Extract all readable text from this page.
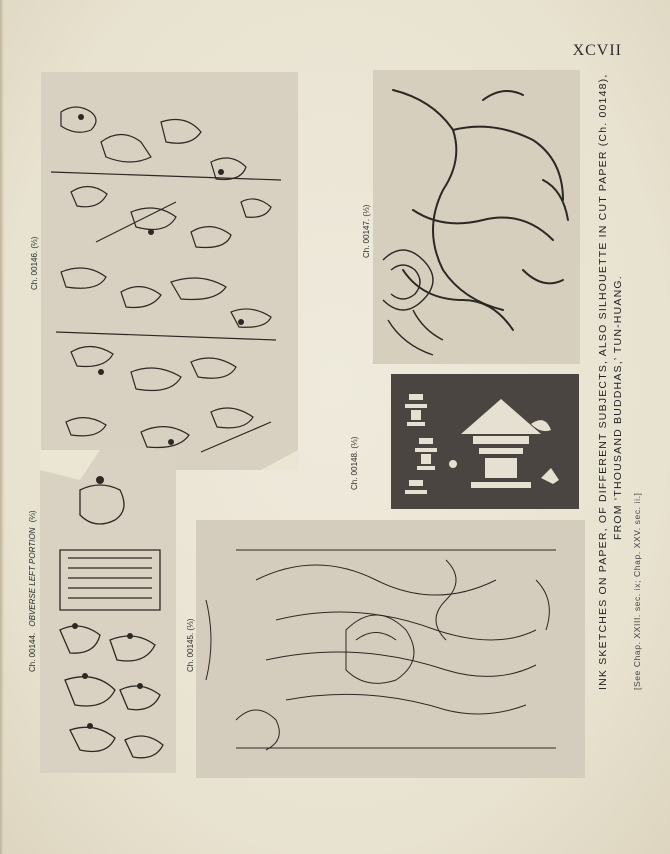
XCVII
Ch. 00146. (⅔)
Ch. 00147. (⅓)
Ch. 00148. (⅓)
Ch. 00144. OBVERSE LEFT PORTION (⅔)
Ch. 00145. (⅓)	INK SKETCHES ON PAPER, OF DIFFERENT SUBJECTS, ALSO SILHOUETTE IN CUT PAPER (Ch. 00148), FROM ‘THOUSAND BUDDHAS,’ TUN-HUANG.
[See Chap. XXIII. sec. ix; Chap. XXV. sec. ii.]
